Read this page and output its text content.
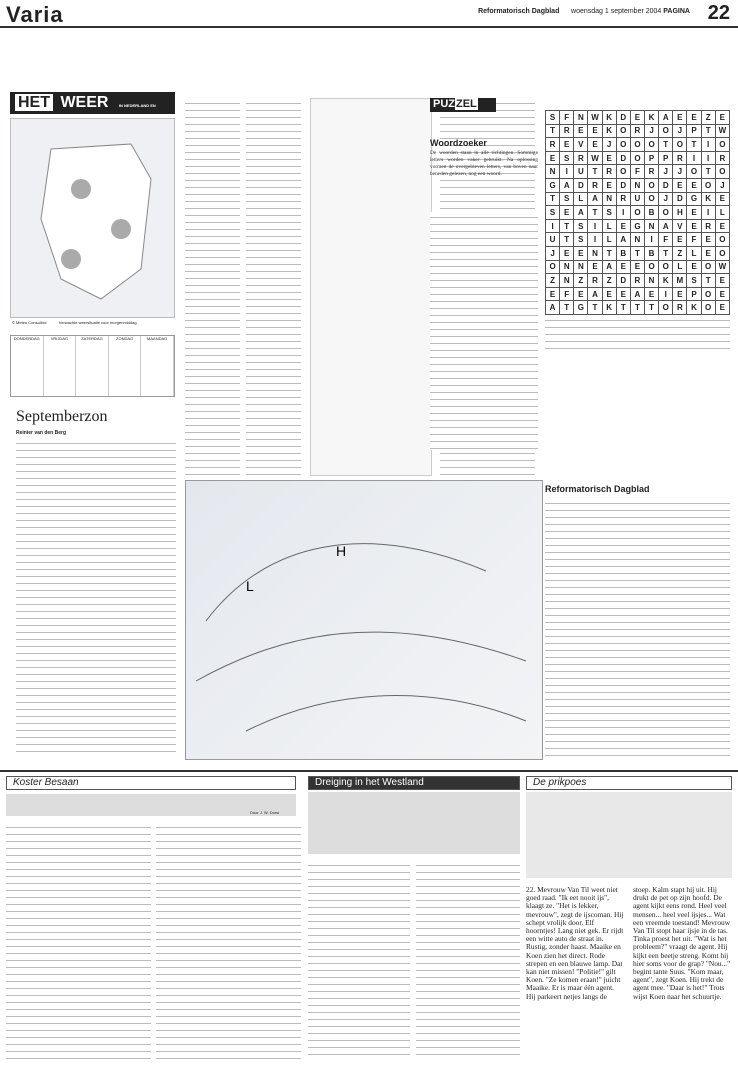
Varia	Reformatorisch Dagblad woensdag 1 september 2004 PAGINA 22
HET WEER	IN NEDERLAND EN
© Meteo Consult/rd	Verwachte weersituatie voor morgenmiddag
DONDERDAG	VRIJDAG	ZATERDAG	ZONDAG	MAANDAG
Septemberzon
Reinier van den Berg
PUZZEL
Woordzoeker
De woorden staan in alle richtingen. Sommige letters worden vaker gebruikt. Na oplossing vormen de overgebleven letters, van boven naar beneden gelezen, nog een woord.
S	F	N	W	K	D	E	K	A	E	E	Z	E
T	R	E	E	K	O	R	J	O	J	P	T	W
R	E	V	E	J	O	O	O	T	O	T	I	O
E	S	R	W	E	D	O	P	P	R	I	I	R
N	I	U	T	R	O	F	R	J	J	O	T	O
G	A	D	R	E	D	N	O	D	E	E	O	J
T	S	L	A	N	R	U	O	J	D	G	K	E
S	E	A	T	S	I	O	B	O	H	E	I	L
I	T	S	I	L	E	G	N	A	V	E	R	E
U	T	S	I	L	A	N	I	F	E	F	E	O
J	E	E	N	T	B	T	B	T	Z	L	E	O
O	N	N	E	A	E	E	O	O	L	E	O	W
Z	N	Z	R	Z	D	R	N	K	M	S	T	E
E	F	E	A	E	E	A	E	I	E	P	O	E
A	T	G	T	K	T	T	T	O	R	K	O	E
Reformatorisch Dagblad
H
L
Koster Besaan
Door J. W. Dorsi
Dreiging in het Westland	De prikpoes
22. Mevrouw Van Til weet niet goed raad. "Ik eet nooit ijs", klaagt ze. "Het is lekker, mevrouw", zegt de ijscoman. Hij schept vrolijk door. Elf hoorntjes! Lang niet gek. Er rijdt een witte auto de straat in. Rustig, zonder haast. Maaike en Koen zien het direct. Rode strepen en een blauwe lamp. Dat kan niet missen! "Politie!" gilt Koen. "Ze komen eraan!" juicht Maaike. Er is maar één agent. Hij parkeert netjes langs de stoep. Kalm stapt hij uit. Hij drukt de pet op zijn hoofd. De agent kijkt eens rond. Heel veel mensen... heel veel ijsjes... Wat een vreemde toestand! Mevrouw Van Til stopt haar ijsje in de tas. Tinka proest het uit. "Wat is het probleem?" vraagt de agent. Hij kijkt een beetje streng. Komt hij hier soms voor de grap? "Nou..." begint tante Suus. "Kom maar, agent", zegt Koen. Hij trekt de agent mee. "Daar is het!" Trots wijst Koen naar het schuurtje.
